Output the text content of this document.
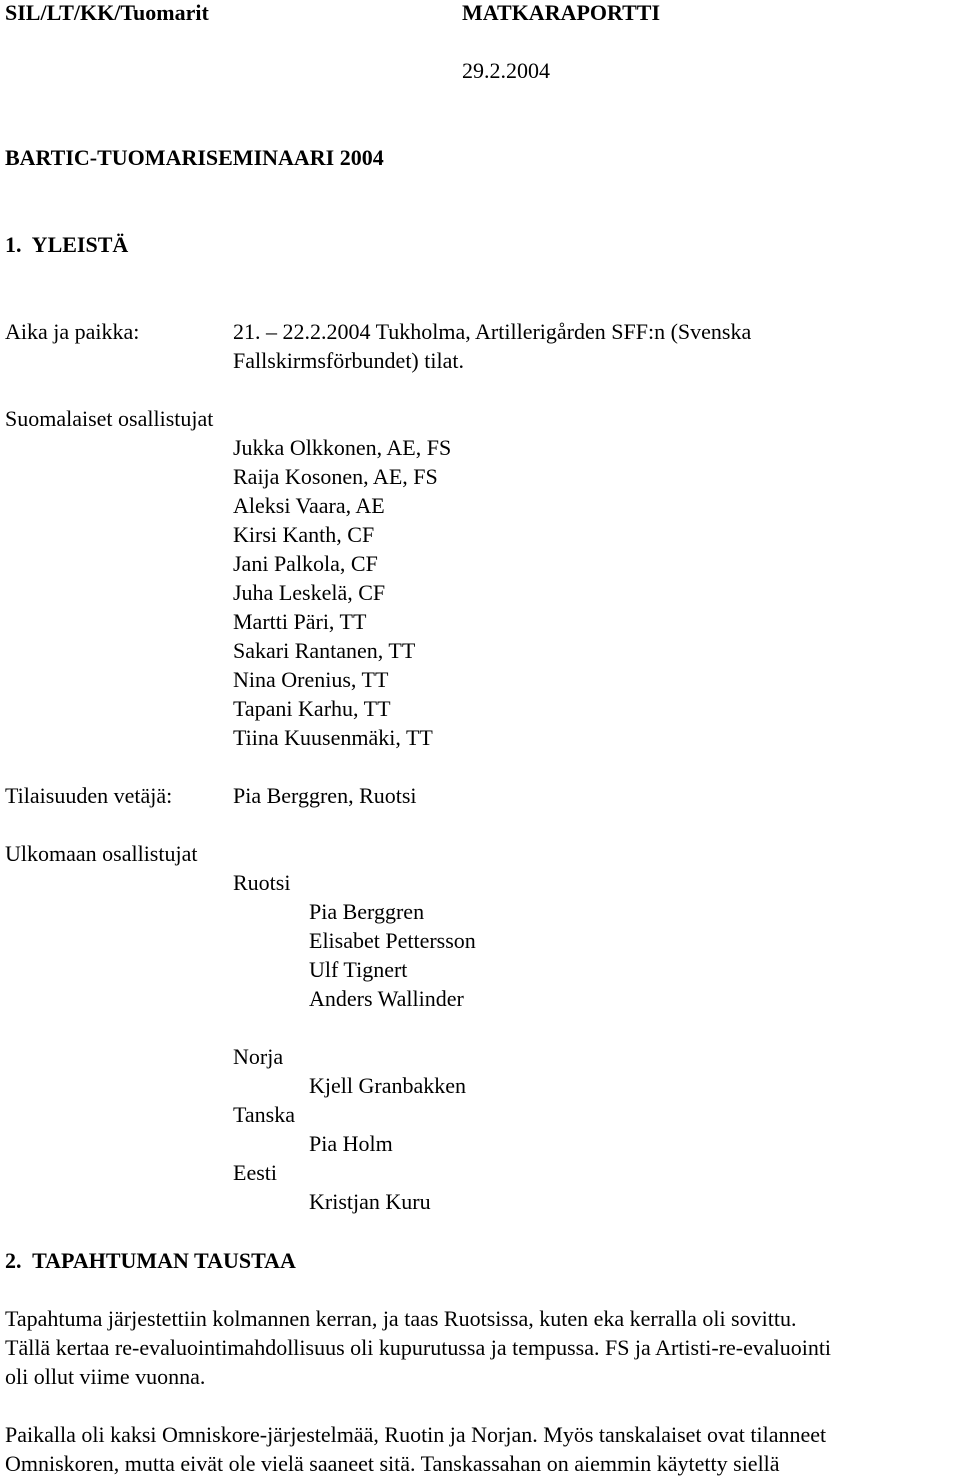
SIL/LT/KK/Tuomarit	MATKARAPORTTI
29.2.2004
BARTIC-TUOMARISEMINAARI 2004
1.  YLEISTÄ
Aika ja paikka:	21. – 22.2.2004 Tukholma, Artillerigården SFF:n (Svenska
Fallskirmsförbundet) tilat.
Suomalaiset osallistujat
Jukka Olkkonen, AE, FS
Raija Kosonen, AE, FS
Aleksi Vaara, AE
Kirsi Kanth, CF
Jani Palkola, CF
Juha Leskelä, CF
Martti Päri, TT
Sakari Rantanen, TT
Nina Orenius, TT
Tapani Karhu, TT
Tiina Kuusenmäki, TT
Tilaisuuden vetäjä:	Pia Berggren, Ruotsi
Ulkomaan osallistujat
Ruotsi
Pia Berggren
Elisabet Pettersson
Ulf Tignert
Anders Wallinder
Norja
Kjell Granbakken
Tanska
Pia Holm
Eesti
Kristjan Kuru
2.  TAPAHTUMAN TAUSTAA
Tapahtuma järjestettiin kolmannen kerran, ja taas Ruotsissa, kuten eka kerralla oli sovittu.
Tällä kertaa re-evaluointimahdollisuus oli kupurutussa ja tempussa. FS ja Artisti-re-evaluointi
oli ollut viime vuonna.
Paikalla oli kaksi Omniskore-järjestelmää, Ruotin ja Norjan. Myös tanskalaiset ovat tilanneet
Omniskoren, mutta eivät ole vielä saaneet sitä. Tanskassahan on aiemmin käytetty siellä
